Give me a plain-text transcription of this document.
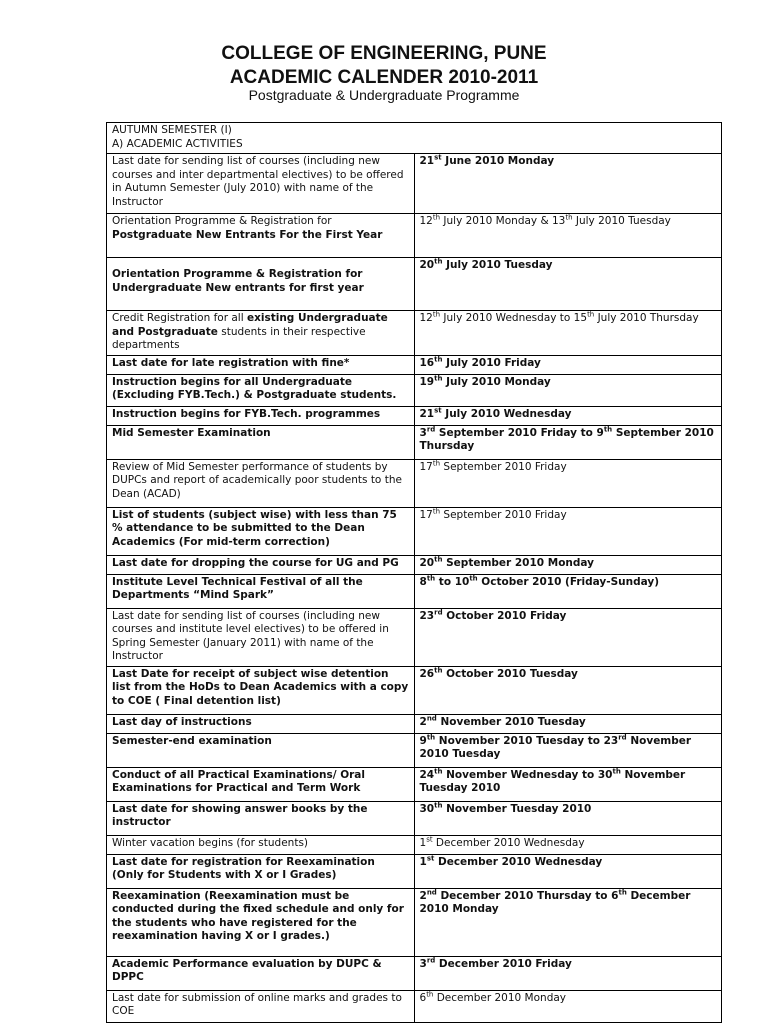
COLLEGE OF ENGINEERING, PUNE
ACADEMIC CALENDER 2010-2011
Postgraduate & Undergraduate Programme
AUTUMN SEMESTER (I)
A) ACADEMIC ACTIVITIES	

Last date for sending list of courses (including new courses and inter departmental electives) to be offered in Autumn Semester (July 2010) with name of the Instructor	21st June 2010 Monday
Orientation Programme & Registration for Postgraduate New Entrants For the First Year	12th July 2010 Monday & 13th July 2010 Tuesday
Orientation Programme & Registration for Undergraduate New entrants for first year	20th July 2010 Tuesday
Credit Registration for all existing Undergraduate and Postgraduate students in their respective departments	12th July 2010 Wednesday to 15th July 2010 Thursday
Last date for late registration with fine*	16th July 2010 Friday
Instruction begins for all Undergraduate (Excluding FYB.Tech.) & Postgraduate students.	19th July 2010 Monday
Instruction begins for FYB.Tech. programmes	21st July 2010 Wednesday
Mid Semester Examination	3rd September 2010 Friday to 9th September 2010 Thursday
Review of Mid Semester performance of students by DUPCs and report of academically poor students to the Dean (ACAD)	17th September 2010 Friday
List of students (subject wise) with less than 75 % attendance to be submitted to the Dean Academics (For mid-term correction)	17th September 2010 Friday
Last date for dropping the course for UG and PG	20th September 2010 Monday
Institute Level Technical Festival of all the Departments “Mind Spark”	8th to 10th October 2010 (Friday-Sunday)
Last date for sending list of courses (including new courses and institute level electives) to be offered in Spring Semester (January 2011) with name of the Instructor	23rd October 2010 Friday
Last Date for receipt of subject wise detention list from the HoDs to Dean Academics with a copy to COE ( Final detention list)	26th October 2010 Tuesday
Last day of instructions	2nd November 2010 Tuesday
Semester-end examination	9th November 2010 Tuesday to 23rd November 2010 Tuesday
Conduct of all Practical Examinations/ Oral Examinations for Practical and Term Work	24th November Wednesday to 30th November Tuesday 2010
Last date for showing answer books by the instructor	30th November Tuesday 2010
Winter vacation begins (for students)	1st December 2010 Wednesday
Last date for registration for Reexamination (Only for Students with X or I Grades)	1st December 2010 Wednesday
Reexamination (Reexamination must be conducted during the fixed schedule and only for the students who have registered for the reexamination having X or I grades.)	2nd December 2010 Thursday to 6th December 2010 Monday
Academic Performance evaluation by DUPC & DPPC	3rd December 2010 Friday
Last date for submission of online marks and grades to COE	6th December 2010 Monday
